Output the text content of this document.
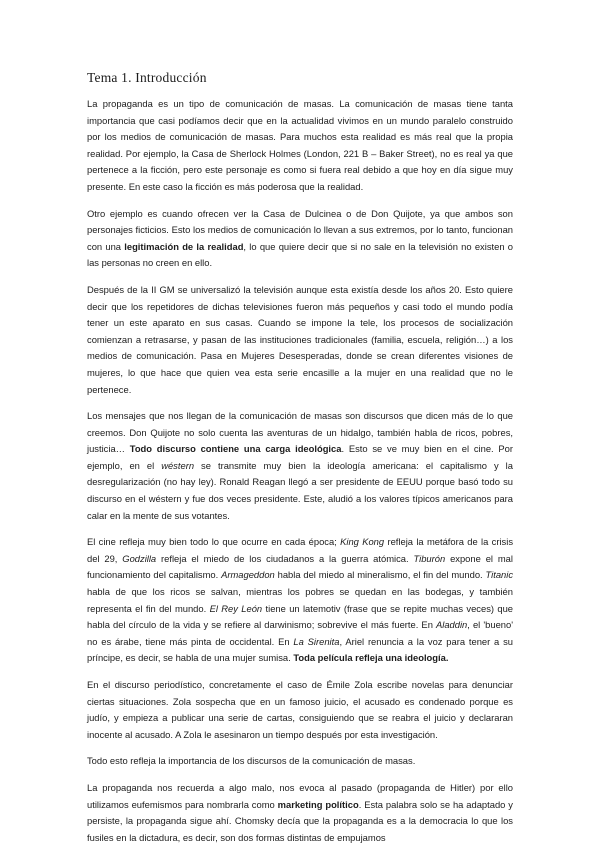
Tema 1. Introducción

La propaganda es un tipo de comunicación de masas. La comunicación de masas tiene tanta importancia que casi podíamos decir que en la actualidad vivimos en un mundo paralelo construido por los medios de comunicación de masas. Para muchos esta realidad es más real que la propia realidad. Por ejemplo, la Casa de Sherlock Holmes (London, 221 B – Baker Street), no es real ya que pertenece a la ficción, pero este personaje es como si fuera real debido a que hoy en día sigue muy presente. En este caso la ficción es más poderosa que la realidad.

Otro ejemplo es cuando ofrecen ver la Casa de Dulcinea o de Don Quijote, ya que ambos son personajes ficticios. Esto los medios de comunicación lo llevan a sus extremos, por lo tanto, funcionan con una legitimación de la realidad, lo que quiere decir que si no sale en la televisión no existen o las personas no creen en ello.

Después de la II GM se universalizó la televisión aunque esta existía desde los años 20. Esto quiere decir que los repetidores de dichas televisiones fueron más pequeños y casi todo el mundo podía tener un este aparato en sus casas. Cuando se impone la tele, los procesos de socialización comienzan a retrasarse, y pasan de las instituciones tradicionales (familia, escuela, religión…) a los medios de comunicación. Pasa en Mujeres Desesperadas, donde se crean diferentes visiones de mujeres, lo que hace que quien vea esta serie encasille a la mujer en una realidad que no le pertenece.

Los mensajes que nos llegan de la comunicación de masas son discursos que dicen más de lo que creemos. Don Quijote no solo cuenta las aventuras de un hidalgo, también habla de ricos, pobres, justicia… Todo discurso contiene una carga ideológica. Esto se ve muy bien en el cine. Por ejemplo, en el wéstern se transmite muy bien la ideología americana: el capitalismo y la desregularización (no hay ley). Ronald Reagan llegó a ser presidente de EEUU porque basó todo su discurso en el wéstern y fue dos veces presidente. Este, aludió a los valores típicos americanos para calar en la mente de sus votantes.

El cine refleja muy bien todo lo que ocurre en cada época; King Kong refleja la metáfora de la crisis del 29, Godzilla refleja el miedo de los ciudadanos a la guerra atómica. Tiburón expone el mal funcionamiento del capitalismo. Armageddon habla del miedo al mineralismo, el fin del mundo. Titanic habla de que los ricos se salvan, mientras los pobres se quedan en las bodegas, y también representa el fin del mundo. El Rey León tiene un latemotiv (frase que se repite muchas veces) que habla del círculo de la vida y se refiere al darwinismo; sobrevive el más fuerte. En Aladdin, el 'bueno' no es árabe, tiene más pinta de occidental. En La Sirenita, Ariel renuncia a la voz para tener a su príncipe, es decir, se habla de una mujer sumisa. Toda película refleja una ideología.

En el discurso periodístico, concretamente el caso de Émile Zola escribe novelas para denunciar ciertas situaciones. Zola sospecha que en un famoso juicio, el acusado es condenado porque es judío, y empieza a publicar una serie de cartas, consiguiendo que se reabra el juicio y declararan inocente al acusado. A Zola le asesinaron un tiempo después por esta investigación.

Todo esto refleja la importancia de los discursos de la comunicación de masas.

La propaganda nos recuerda a algo malo, nos evoca al pasado (propaganda de Hitler) por ello utilizamos eufemismos para nombrarla como marketing político. Esta palabra solo se ha adaptado y persiste, la propaganda sigue ahí. Chomsky decía que la propaganda es a la democracia lo que los fusiles en la dictadura, es decir, son dos formas distintas de empujamos
